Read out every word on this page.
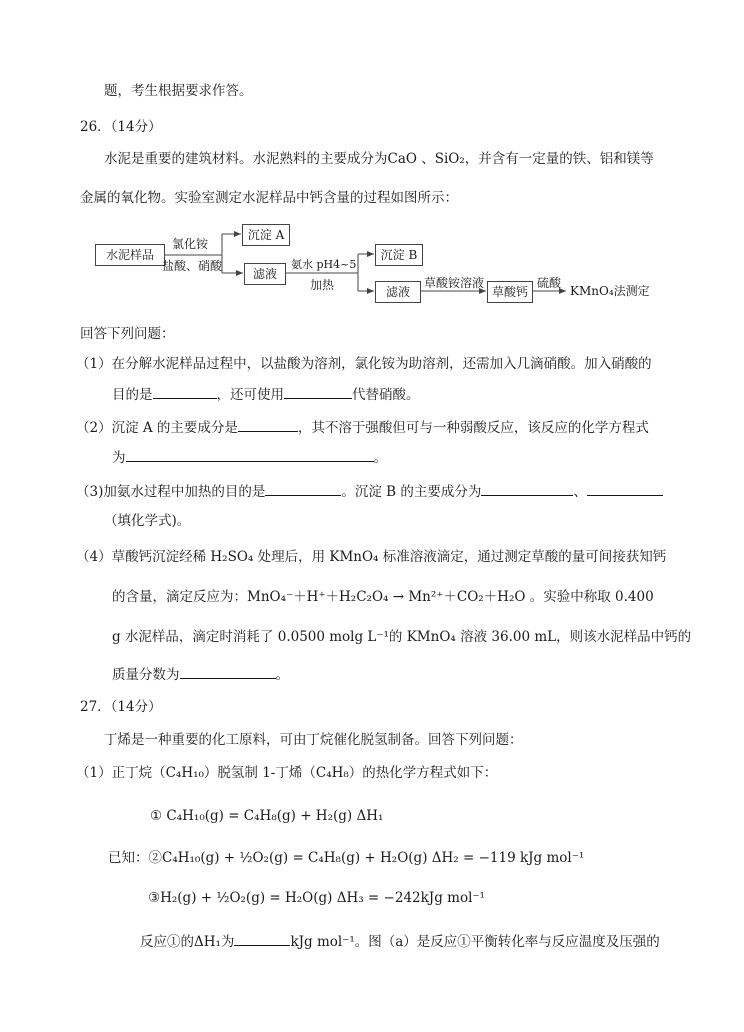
题，考生根据要求作答。
26．（14分）
水泥是重要的建筑材料。水泥熟料的主要成分为CaO 、SiO₂，并含有一定量的铁、铝和镁等
金属的氧化物。实验室测定水泥样品中钙含量的过程如图所示：
水泥样品
氯化铵
盐酸、硝酸
沉淀 A
滤液
氨水 pH4~5
加热
沉淀 B
滤液
草酸铵溶液
草酸钙
硫酸
KMnO₄法测定
回答下列问题：
（1）在分解水泥样品过程中，以盐酸为溶剂，氯化铵为助溶剂，还需加入几滴硝酸。加入硝酸的
目的是	，还可使用	代替硝酸。
（2）沉淀 A 的主要成分是	，其不溶于强酸但可与一种弱酸反应，该反应的化学方程式
为	。
（3)加氨水过程中加热的目的是	。沉淀 B 的主要成分为	、
（填化学式)。
（4）草酸钙沉淀经稀 H₂SO₄ 处理后，用 KMnO₄ 标准溶液滴定，通过测定草酸的量可间接获知钙
的含量，滴定反应为：MnO₄⁻＋H⁺＋H₂C₂O₄ → Mn²⁺＋CO₂＋H₂O 。实验中称取 0.400
g 水泥样品，滴定时消耗了 0.0500 molg L⁻¹的 KMnO₄ 溶液 36.00 mL，则该水泥样品中钙的
质量分数为	。
27．（14分）
丁烯是一种重要的化工原料，可由丁烷催化脱氢制备。回答下列问题：
（1）正丁烷（C₄H₁₀）脱氢制 1-丁烯（C₄H₈）的热化学方程式如下：
① C₄H₁₀(g) = C₄H₈(g) + H₂(g) ΔH₁
已知：②C₄H₁₀(g) + ½O₂(g) = C₄H₈(g) + H₂O(g) ΔH₂ = −119 kJg mol⁻¹
③H₂(g) + ½O₂(g) = H₂O(g) ΔH₃ = −242kJg mol⁻¹
反应①的ΔH₁为	kJg mol⁻¹。图（a）是反应①平衡转化率与反应温度及压强的
